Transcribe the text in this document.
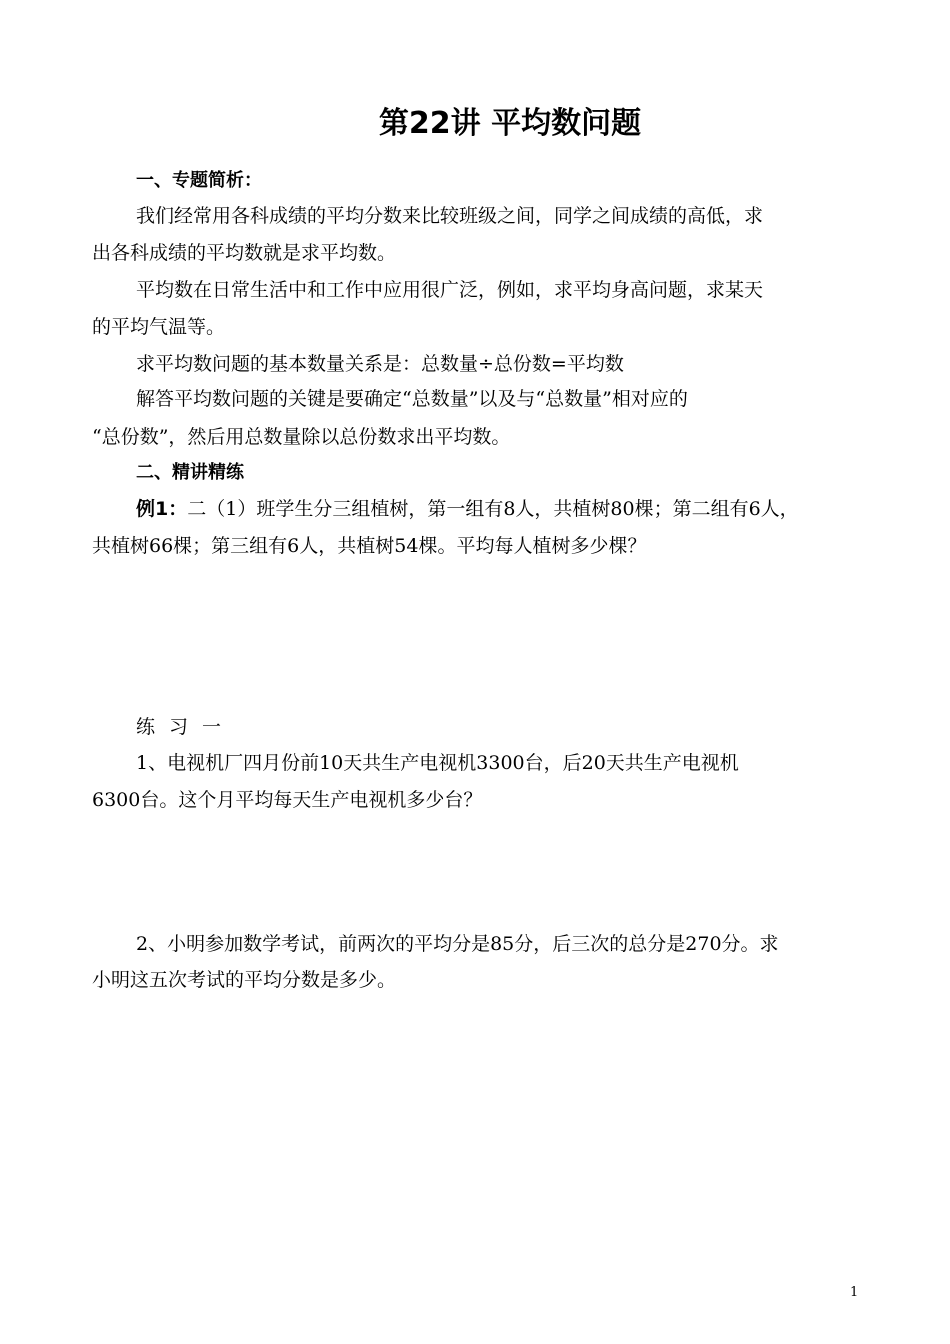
第22讲 平均数问题
一、专题简析：
我们经常用各科成绩的平均分数来比较班级之间，同学之间成绩的高低，求
出各科成绩的平均数就是求平均数。
平均数在日常生活中和工作中应用很广泛，例如，求平均身高问题，求某天
的平均气温等。
求平均数问题的基本数量关系是：总数量÷总份数=平均数
解答平均数问题的关键是要确定“总数量”以及与“总数量”相对应的
“总份数”，然后用总数量除以总份数求出平均数。
二、精讲精练
例1：二（1）班学生分三组植树，第一组有8人，共植树80棵；第二组有6人，
共植树66棵；第三组有6人，共植树54棵。平均每人植树多少棵？
练习一
1、电视机厂四月份前10天共生产电视机3300台，后20天共生产电视机
6300台。这个月平均每天生产电视机多少台？
2、小明参加数学考试，前两次的平均分是85分，后三次的总分是270分。求
小明这五次考试的平均分数是多少。
1
